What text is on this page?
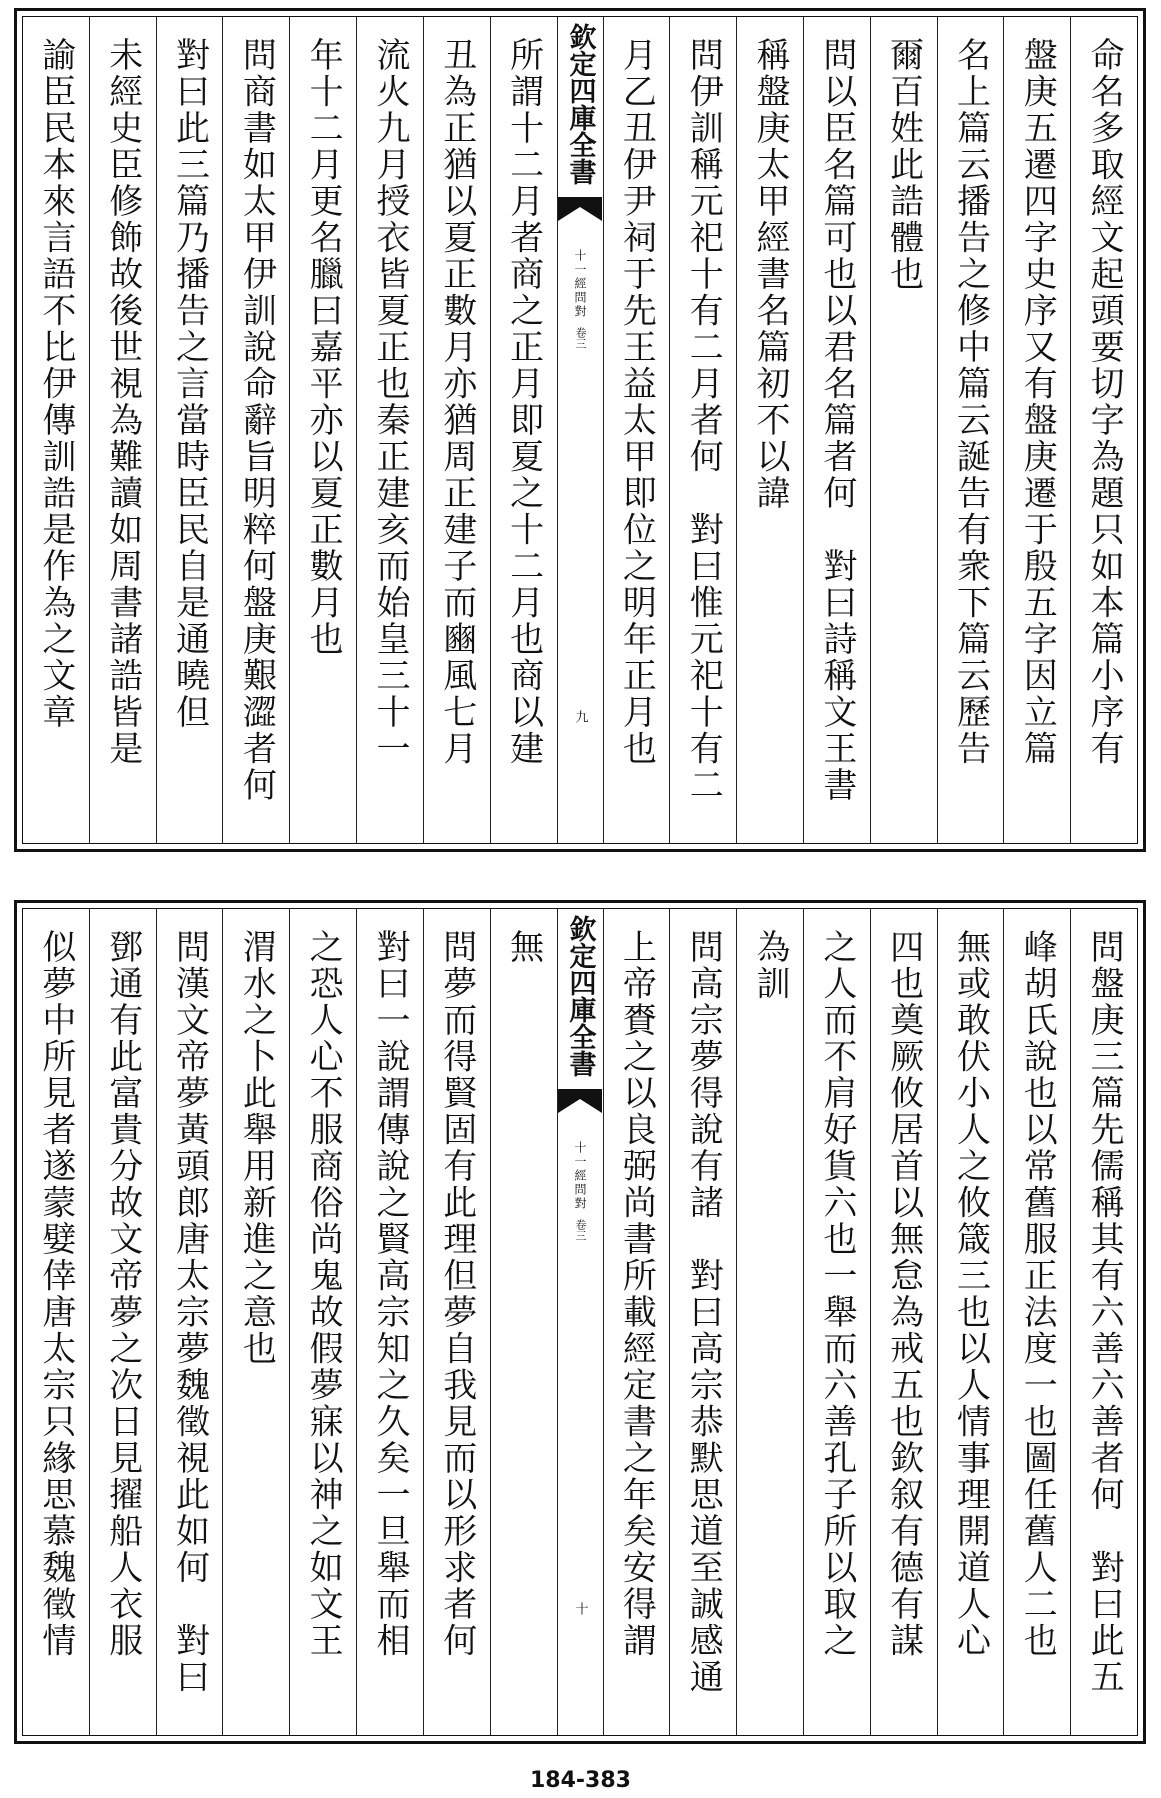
命名多取經文起頭要切字為題只如本篇小序有
盤庚五遷四字史序又有盤庚遷于殷五字因立篇
名上篇云播告之修中篇云誕告有衆下篇云歷告
爾百姓此誥體也
問以臣名篇可也以君名篇者何　對曰詩稱文王書
稱盤庚太甲經書名篇初不以諱
問伊訓稱元祀十有二月者何　對曰惟元祀十有二
月乙丑伊尹祠于先王益太甲即位之明年正月也
欽定四庫全書
十一經問對
卷三
九
所謂十二月者商之正月即夏之十二月也商以建
丑為正猶以夏正數月亦猶周正建子而豳風七月
流火九月授衣皆夏正也秦正建亥而始皇三十一
年十二月更名臘曰嘉平亦以夏正數月也
問商書如太甲伊訓說命辭旨明粹何盤庚艱澀者何
對曰此三篇乃播告之言當時臣民自是通曉但
未經史臣修飾故後世視為難讀如周書諸誥皆是
諭臣民本來言語不比伊傳訓誥是作為之文章
問盤庚三篇先儒稱其有六善六善者何　對曰此五
峰胡氏說也以常舊服正法度一也圖任舊人二也
無或敢伏小人之攸箴三也以人情事理開道人心
四也奠厥攸居首以無怠為戒五也欽叙有德有謀
之人而不肩好貨六也一舉而六善孔子所以取之
為訓
問高宗夢得說有諸　對曰高宗恭默思道至誠感通
上帝賚之以良弼尚書所載經定書之年矣安得謂
欽定四庫全書
十一經問對
卷三
十
無
問夢而得賢固有此理但夢自我見而以形求者何
對曰一說謂傳說之賢高宗知之久矣一旦舉而相
之恐人心不服商俗尚鬼故假夢寐以神之如文王
渭水之卜此舉用新進之意也
問漢文帝夢黃頭郎唐太宗夢魏徵視此如何　對曰
鄧通有此富貴分故文帝夢之次日見擢船人衣服
似夢中所見者遂蒙嬖倖唐太宗只緣思慕魏徵情
184-383
